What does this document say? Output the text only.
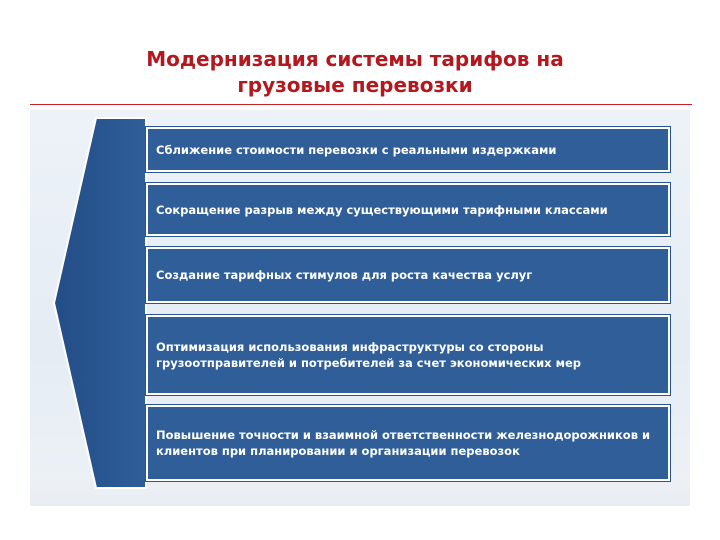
Модернизация системы тарифов на
грузовые перевозки
Сближение стоимости перевозки с реальными издержками
Сокращение разрыв между существующими тарифными классами
Создание тарифных стимулов для роста качества услуг
Оптимизация использования инфраструктуры со стороны грузоотправителей и потребителей за счет экономических мер
Повышение точности и взаимной ответственности железнодорожников и клиентов при планировании и организации перевозок
